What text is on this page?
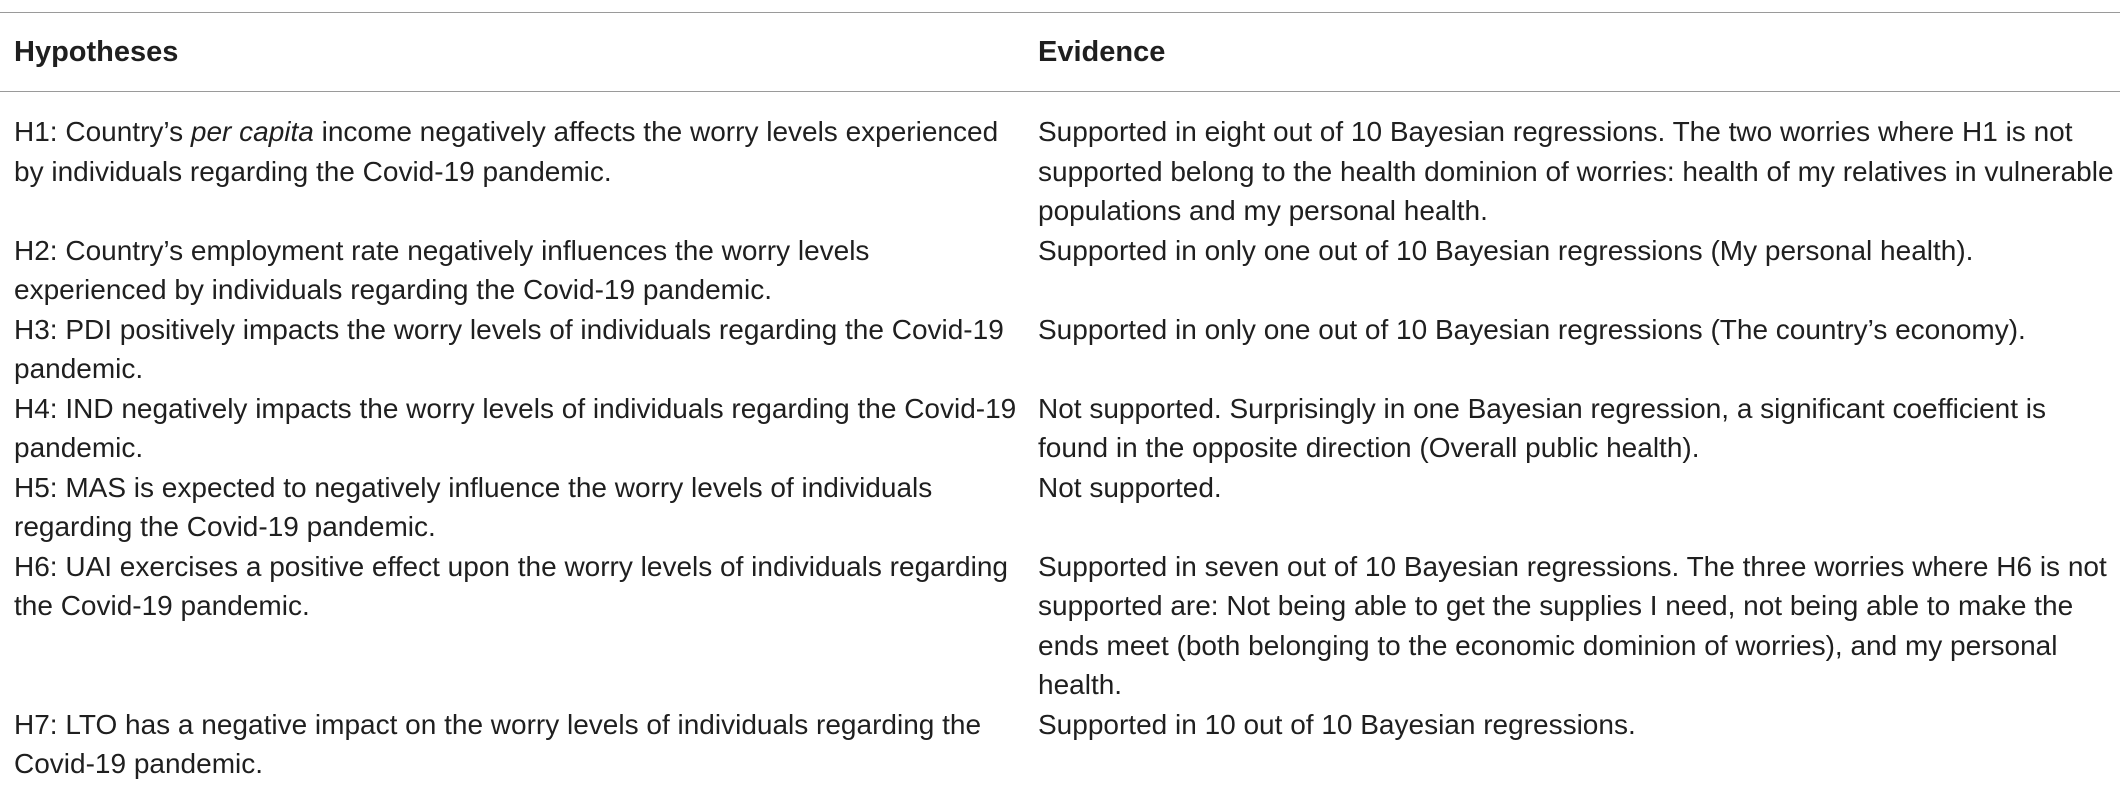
Hypotheses	Evidence
H1: Country’s per capita income negatively affects the worry levels experienced by individuals regarding the Covid-19 pandemic.	Supported in eight out of 10 Bayesian regressions. The two worries where H1 is not supported belong to the health dominion of worries: health of my relatives in vulnerable populations and my personal health.
H2: Country’s employment rate negatively influences the worry levels experienced by individuals regarding the Covid-19 pandemic.	Supported in only one out of 10 Bayesian regressions (My personal health).
H3: PDI positively impacts the worry levels of individuals regarding the Covid-19 pandemic.	Supported in only one out of 10 Bayesian regressions (The country’s economy).
H4: IND negatively impacts the worry levels of individuals regarding the Covid-19 pandemic.	Not supported. Surprisingly in one Bayesian regression, a significant coefficient is found in the opposite direction (Overall public health).
H5: MAS is expected to negatively influence the worry levels of individuals regarding the Covid-19 pandemic.	Not supported.
H6: UAI exercises a positive effect upon the worry levels of individuals regarding the Covid-19 pandemic.	Supported in seven out of 10 Bayesian regressions. The three worries where H6 is not supported are: Not being able to get the supplies I need, not being able to make the ends meet (both belonging to the economic dominion of worries), and my personal health.
H7: LTO has a negative impact on the worry levels of individuals regarding the Covid-19 pandemic.	Supported in 10 out of 10 Bayesian regressions.
